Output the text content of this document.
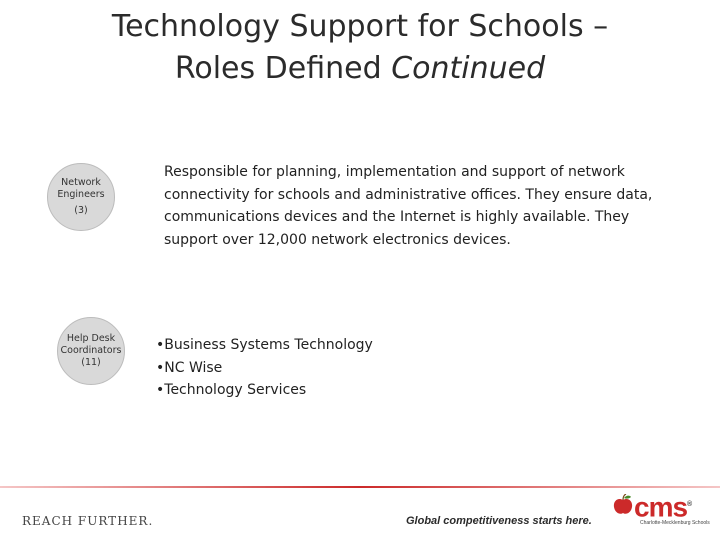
Technology Support for Schools –
Roles Defined Continued
Network
Engineers
(3)
Responsible for planning, implementation and support of network connectivity for schools and administrative offices. They ensure data, communications devices and the Internet is highly available. They support over 12,000 network electronics devices.
Help Desk
Coordinators
(11)
• Business Systems Technology
• NC Wise
• Technology Services
REACH FURTHER.	Global competitiveness starts here. cms®
Charlotte-Mecklenburg Schools
